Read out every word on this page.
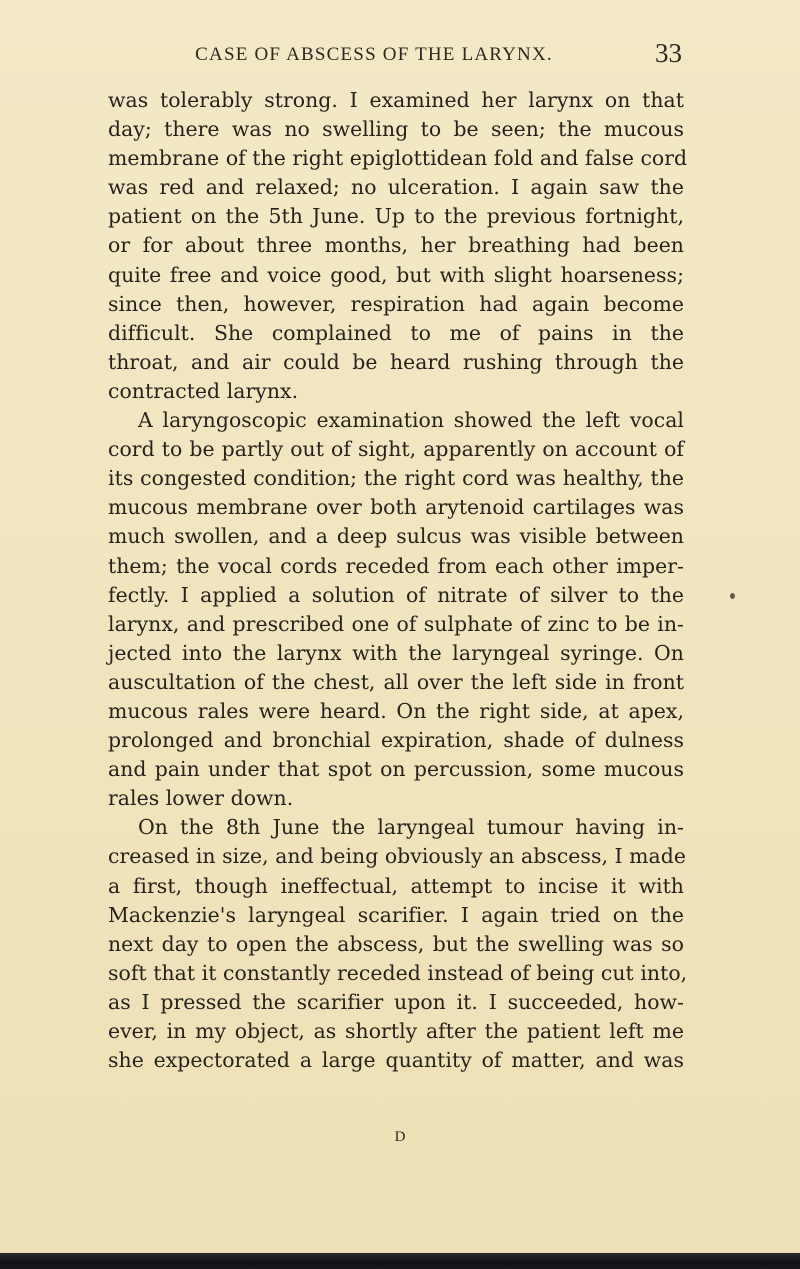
CASE OF ABSCESS OF THE LARYNX.	33
was tolerably strong. I examined her larynx on that
day; there was no swelling to be seen; the mucous
membrane of the right epiglottidean fold and false cord
was red and relaxed; no ulceration. I again saw the
patient on the 5th June. Up to the previous fortnight,
or for about three months, her breathing had been
quite free and voice good, but with slight hoarseness;
since then, however, respiration had again become
difficult. She complained to me of pains in the
throat, and air could be heard rushing through the
contracted larynx.
A laryngoscopic examination showed the left vocal
cord to be partly out of sight, apparently on account of
its congested condition; the right cord was healthy, the
mucous membrane over both arytenoid cartilages was
much swollen, and a deep sulcus was visible between
them; the vocal cords receded from each other imper-
fectly. I applied a solution of nitrate of silver to the
larynx, and prescribed one of sulphate of zinc to be in-
jected into the larynx with the laryngeal syringe. On
auscultation of the chest, all over the left side in front
mucous rales were heard. On the right side, at apex,
prolonged and bronchial expiration, shade of dulness
and pain under that spot on percussion, some mucous
rales lower down.
On the 8th June the laryngeal tumour having in-
creased in size, and being obviously an abscess, I made
a first, though ineffectual, attempt to incise it with
Mackenzie's laryngeal scarifier. I again tried on the
next day to open the abscess, but the swelling was so
soft that it constantly receded instead of being cut into,
as I pressed the scarifier upon it. I succeeded, how-
ever, in my object, as shortly after the patient left me
she expectorated a large quantity of matter, and was
D
